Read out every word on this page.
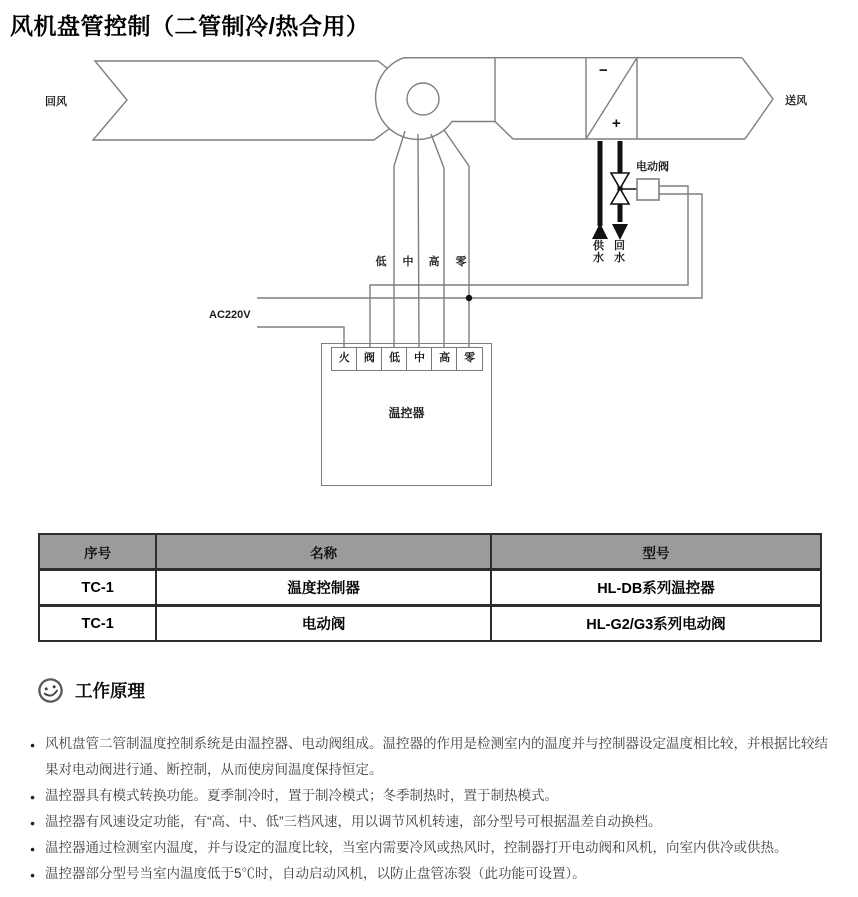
风机盘管控制（二管制冷/热合用）
回风	送风
AC220V
电动阀
供水
回水
−
+
低 中 高 零
火	阀	低	中	高	零
温控器
序号	名称	型号
TC-1	温度控制器	HL-DB系列温控器
TC-1	电动阀	HL-G2/G3系列电动阀
工作原理
● 风机盘管二管制温度控制系统是由温控器、电动阀组成。温控器的作用是检测室内的温度并与控制器设定温度相比较，并根据比较结果对电动阀进行通、断控制，从而使房间温度保持恒定。
● 温控器具有模式转换功能。夏季制冷时，置于制冷模式；冬季制热时，置于制热模式。
● 温控器有风速设定功能，有“高、中、低”三档风速，用以调节风机转速，部分型号可根据温差自动换档。
● 温控器通过检测室内温度，并与设定的温度比较，当室内需要冷风或热风时，控制器打开电动阀和风机，向室内供冷或供热。
● 温控器部分型号当室内温度低于5℃时，自动启动风机，以防止盘管冻裂（此功能可设置）。
